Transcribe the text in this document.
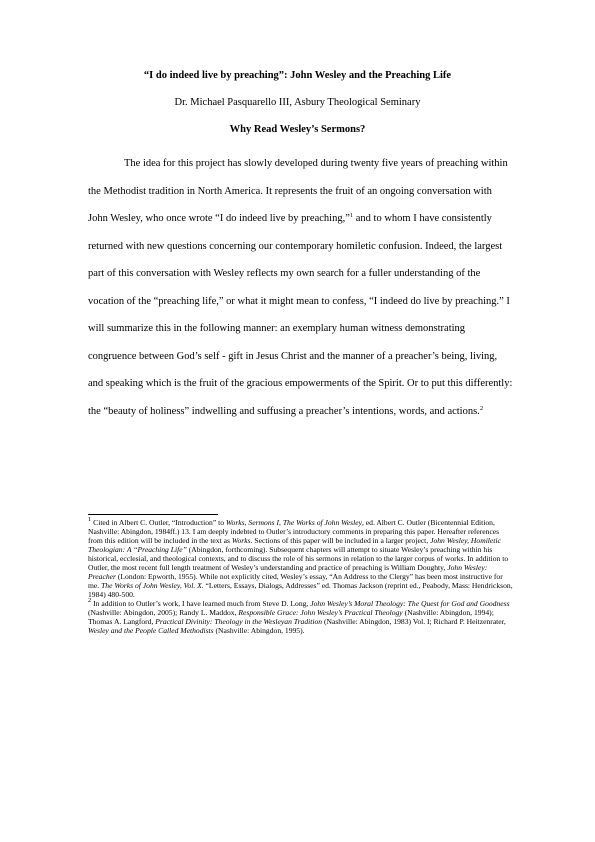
“I do indeed live by preaching”: John Wesley and the Preaching Life
Dr. Michael Pasquarello III, Asbury Theological Seminary
Why Read Wesley’s Sermons?

The idea for this project has slowly developed during twenty five years of preaching within the Methodist tradition in North America. It represents the fruit of an ongoing conversation with John Wesley, who once wrote “I do indeed live by preaching,”$^1$ and to whom I have consistently returned with new questions concerning our contemporary homiletic confusion. Indeed, the largest part of this conversation with Wesley reflects my own search for a fuller understanding of the vocation of the “preaching life,” or what it might mean to confess, “I indeed do live by preaching.” I will summarize this in the following manner: an exemplary human witness demonstrating congruence between God’s self - gift in Jesus Christ and the manner of a preacher’s being, living, and speaking which is the fruit of the gracious empowerments of the Spirit. Or to put this differently: the “beauty of holiness” indwelling and suffusing a preacher’s intentions, words, and actions.$^2$

$^1$ Cited in Albert C. Outler, “Introduction” to Works, Sermons I, The Works of John Wesley, ed. Albert C. Outler (Bicentennial Edition, Nashville: Abingdon, 1984ff.) 13. I am deeply indebted to Outler’s introductory comments in preparing this paper. Hereafter references from this edition will be included in the text as Works. Sections of this paper will be included in a larger project, John Wesley, Homiletic Theologian: A “Preaching Life” (Abingdon, forthcoming). Subsequent chapters will attempt to situate Wesley’s preaching within his historical, ecclesial, and theological contexts, and to discuss the role of his sermons in relation to the larger corpus of works. In addition to Outler, the most recent full length treatment of Wesley’s understanding and practice of preaching is William Doughty, John Wesley: Preacher (London: Epworth, 1955). While not explicitly cited, Wesley’s essay, “An Address to the Clergy” has been most instructive for me. The Works of John Wesley, Vol. X. “Letters, Essays, Dialogs, Addresses” ed. Thomas Jackson (reprint ed., Peabody, Mass: Hendrickson, 1984) 480-500.

$^2$ In addition to Outler’s work, I have learned much from Steve D. Long, John Wesley’s Moral Theology: The Quest for God and Goodness (Nashville: Abingdon, 2005); Randy L. Maddox, Responsible Grace: John Wesley’s Practical Theology (Nashville: Abingdon, 1994); Thomas A. Langford, Practical Divinity: Theology in the Wesleyan Tradition (Nashville: Abingdon, 1983) Vol. I; Richard P. Heitzenrater, Wesley and the People Called Methodists (Nashville: Abingdon, 1995).
